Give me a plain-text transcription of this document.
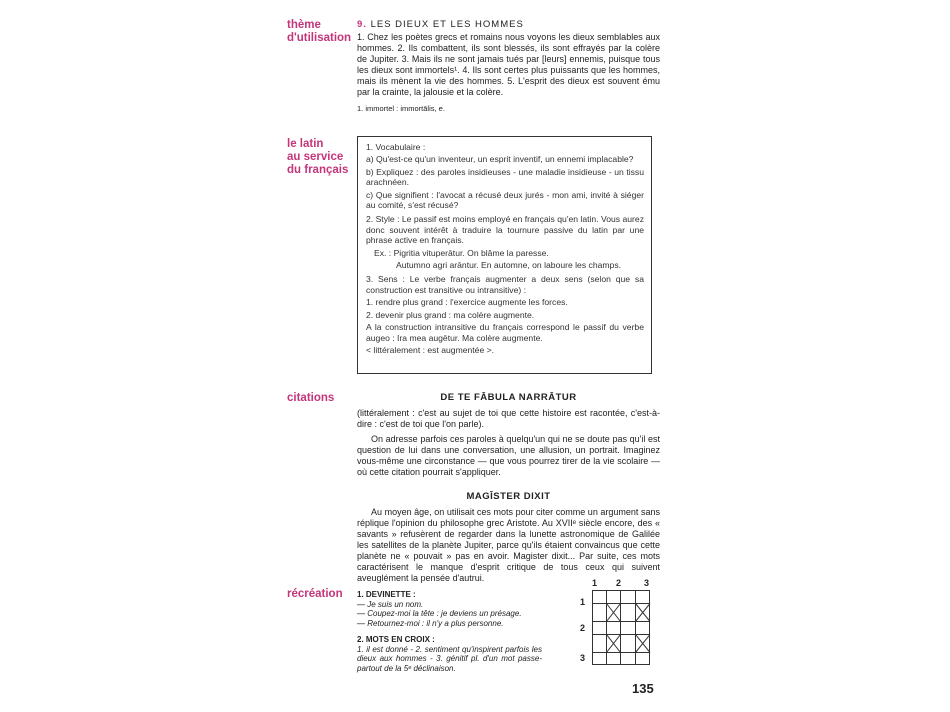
thème
d'utilisation
le latin
au service
du français
citations
récréation
9. LES DIEUX ET LES HOMMES

1. Chez les poètes grecs et romains nous voyons les dieux semblables aux hommes. 2. Ils combattent, ils sont blessés, ils sont effrayés par la colère de Jupiter. 3. Mais ils ne sont jamais tués par [leurs] ennemis, puisque tous les dieux sont immortels¹. 4. Ils sont certes plus puissants que les hommes, mais ils mènent la vie des hommes. 5. L'esprit des dieux est souvent ému par la crainte, la jalousie et la colère.

1. immortel : immortālis, e.

1. Vocabulaire :

a) Qu'est-ce qu'un inventeur, un esprit inventif, un ennemi implacable?

b) Expliquez : des paroles insidieuses - une maladie insidieuse - un tissu arachnéen.

c) Que signifient : l'avocat a récusé deux jurés - mon ami, invité à siéger au comité, s'est récusé?

2. Style : Le passif est moins employé en français qu'en latin. Vous aurez donc souvent intérêt à traduire la tournure passive du latin par une phrase active en français.

Ex. : Pigritia vituperātur. On blâme la paresse.

Autumno agri arāntur. En automne, on laboure les champs.

3. Sens : Le verbe français augmenter a deux sens (selon que sa construction est transitive ou intransitive) :

1. rendre plus grand : l'exercice augmente les forces.

2. devenir plus grand : ma colère augmente.

A la construction intransitive du français correspond le passif du verbe augeo : Ira mea augētur. Ma colère augmente.

< littéralement : est augmentée >.

DE TE FĀBULA NARRĀTUR

(littéralement : c'est au sujet de toi que cette histoire est racontée, c'est-à-dire : c'est de toi que l'on parle).

On adresse parfois ces paroles à quelqu'un qui ne se doute pas qu'il est question de lui dans une conversation, une allusion, un portrait. Imaginez vous-même une circonstance — que vous pourrez tirer de la vie scolaire — où cette citation pourrait s'appliquer.

MAGĪSTER DIXIT

Au moyen âge, on utilisait ces mots pour citer comme un argument sans réplique l'opinion du philosophe grec Aristote. Au XVIIᵉ siècle encore, des « savants » refusèrent de regarder dans la lunette astronomique de Galilée les satellites de la planète Jupiter, parce qu'ils étaient convaincus que cette planète ne « pouvait » pas en avoir. Magister dixit... Par suite, ces mots caractérisent le manque d'esprit critique de tous ceux qui suivent aveuglément la pensée d'autrui.

1. DEVINETTE :
— Je suis un nom.
— Coupez-moi la tête : je deviens un présage.
— Retournez-moi : il n'y a plus personne.
2. MOTS EN CROIX :
1. il est donné - 2. sentiment qu'inspirent parfois les dieux aux hommes - 3. génitif pl. d'un mot passe-partout de la 5ᵉ déclinaison.
1 2	3
1
2
3
135
